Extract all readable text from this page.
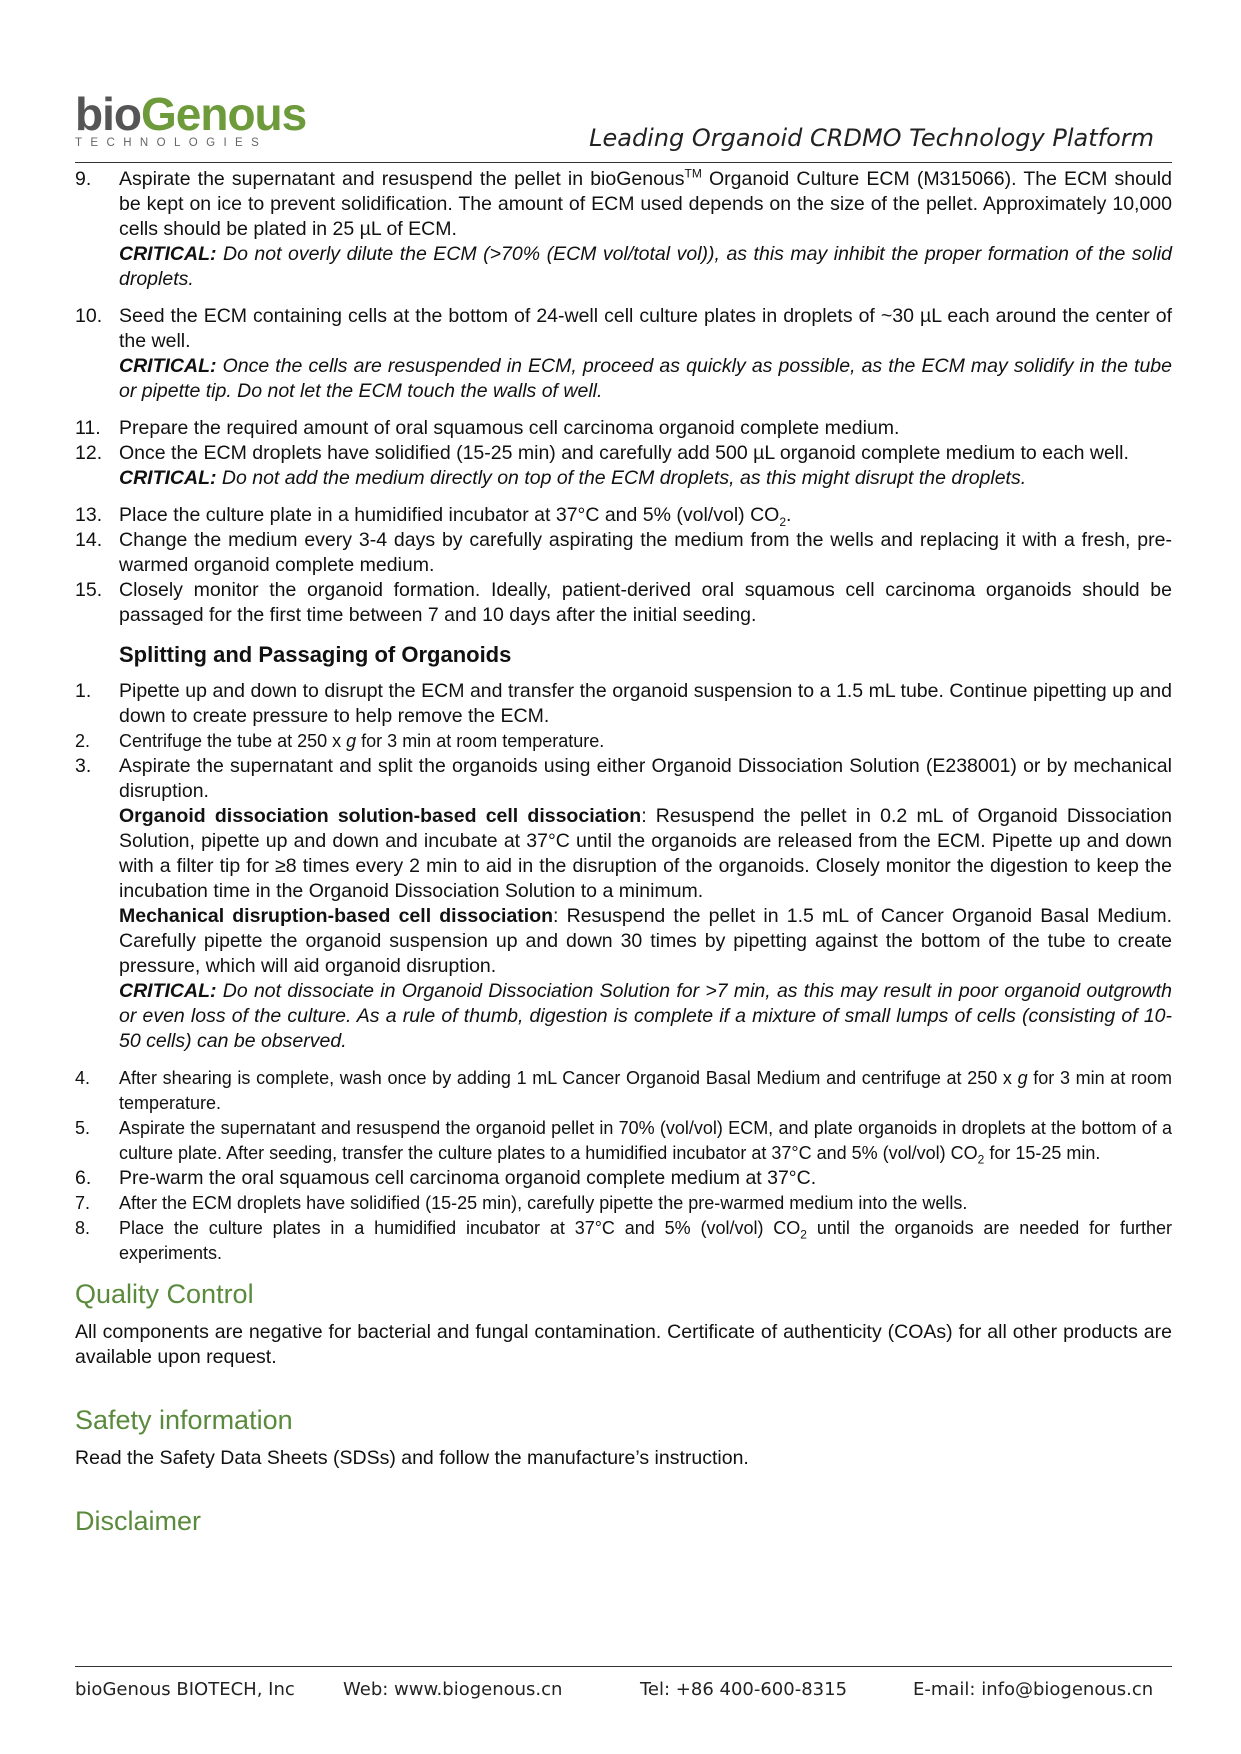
bioGenous
TECHNOLOGIES	Leading Organoid CRDMO Technology Platform
9.	Aspirate the supernatant and resuspend the pellet in bioGenous™ Organoid Culture ECM (M315066). The ECM should be kept on ice to prevent solidification. The amount of ECM used depends on the size of the pellet. Approximately 10,000 cells should be plated in 25 µL of ECM.
CRITICAL: Do not overly dilute the ECM (>70% (ECM vol/total vol)), as this may inhibit the proper formation of the solid droplets.
10. Seed the ECM containing cells at the bottom of 24-well cell culture plates in droplets of ~30 µL each around the center of the well.
CRITICAL: Once the cells are resuspended in ECM, proceed as quickly as possible, as the ECM may solidify in the tube or pipette tip. Do not let the ECM touch the walls of well.
11. Prepare the required amount of oral squamous cell carcinoma organoid complete medium.
12. Once the ECM droplets have solidified (15-25 min) and carefully add 500 µL organoid complete medium to each well.
CRITICAL: Do not add the medium directly on top of the ECM droplets, as this might disrupt the droplets.
13. Place the culture plate in a humidified incubator at 37°C and 5% (vol/vol) $CO_2$.
14. Change the medium every 3-4 days by carefully aspirating the medium from the wells and replacing it with a fresh, pre-warmed organoid complete medium.
15. Closely monitor the organoid formation. Ideally, patient-derived oral squamous cell carcinoma organoids should be passaged for the first time between 7 and 10 days after the initial seeding.
Splitting and Passaging of Organoids
1.	Pipette up and down to disrupt the ECM and transfer the organoid suspension to a 1.5 mL tube. Continue pipetting up and down to create pressure to help remove the ECM.
2.	Centrifuge the tube at 250 x g for 3 min at room temperature.
3.	Aspirate the supernatant and split the organoids using either Organoid Dissociation Solution (E238001) or by mechanical disruption.
Organoid dissociation solution-based cell dissociation: Resuspend the pellet in 0.2 mL of Organoid Dissociation Solution, pipette up and down and incubate at 37°C until the organoids are released from the ECM. Pipette up and down with a filter tip for ≥8 times every 2 min to aid in the disruption of the organoids. Closely monitor the digestion to keep the incubation time in the Organoid Dissociation Solution to a minimum.
Mechanical disruption-based cell dissociation: Resuspend the pellet in 1.5 mL of Cancer Organoid Basal Medium. Carefully pipette the organoid suspension up and down 30 times by pipetting against the bottom of the tube to create pressure, which will aid organoid disruption.
CRITICAL: Do not dissociate in Organoid Dissociation Solution for >7 min, as this may result in poor organoid outgrowth or even loss of the culture. As a rule of thumb, digestion is complete if a mixture of small lumps of cells (consisting of 10-50 cells) can be observed.
4.	After shearing is complete, wash once by adding 1 mL Cancer Organoid Basal Medium and centrifuge at 250 x g for 3 min at room temperature.
5.	Aspirate the supernatant and resuspend the organoid pellet in 70% (vol/vol) ECM, and plate organoids in droplets at the bottom of a culture plate. After seeding, transfer the culture plates to a humidified incubator at 37°C and 5% (vol/vol) $CO_2$ for 15-25 min.
6.	Pre-warm the oral squamous cell carcinoma organoid complete medium at 37°C.
7.	After the ECM droplets have solidified (15-25 min), carefully pipette the pre-warmed medium into the wells.
8.	Place the culture plates in a humidified incubator at 37°C and 5% (vol/vol) $CO_2$ until the organoids are needed for further experiments.
Quality Control
All components are negative for bacterial and fungal contamination. Certificate of authenticity (COAs) for all other products are available upon request.
Safety information
Read the Safety Data Sheets (SDSs) and follow the manufacture’s instruction.
Disclaimer
bioGenous BIOTECH, Inc	Web: www.biogenous.cn	Tel: +86 400-600-8315	E-mail: info@biogenous.cn
